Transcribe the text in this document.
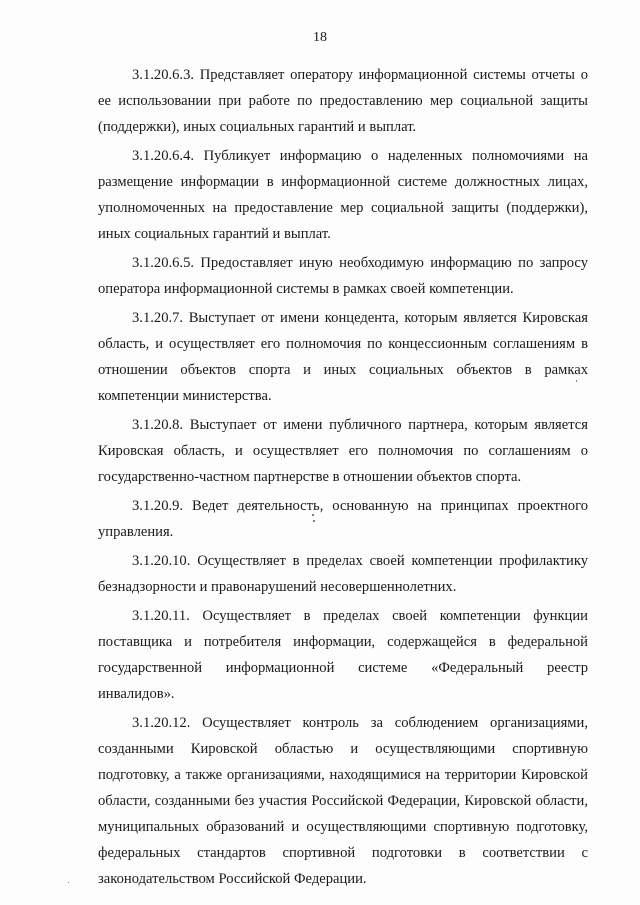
18

3.1.20.6.3. Представляет оператору информационной системы отчеты о ее использовании при работе по предоставлению мер социальной защиты (поддержки), иных социальных гарантий и выплат.

3.1.20.6.4. Публикует информацию о наделенных полномочиями на размещение информации в информационной системе должностных лицах, уполномоченных на предоставление мер социальной защиты (поддержки), иных социальных гарантий и выплат.

3.1.20.6.5. Предоставляет иную необходимую информацию по запросу оператора информационной системы в рамках своей компетенции.

3.1.20.7. Выступает от имени концедента, которым является Кировская область, и осуществляет его полномочия по концессионным соглашениям в отношении объектов спорта и иных социальных объектов в рамках компетенции министерства.

3.1.20.8. Выступает от имени публичного партнера, которым является Кировская область, и осуществляет его полномочия по соглашениям о государственно-частном партнерстве в отношении объектов спорта.

3.1.20.9. Ведет деятельность, основанную на принципах проектного управления.

3.1.20.10. Осуществляет в пределах своей компетенции профилактику безнадзорности и правонарушений несовершеннолетних.

3.1.20.11. Осуществляет в пределах своей компетенции функции поставщика и потребителя информации, содержащейся в федеральной государственной информационной системе «Федеральный реестр инвалидов».

3.1.20.12. Осуществляет контроль за соблюдением организациями, созданными Кировской областью и осуществляющими спортивную подготовку, а также организациями, находящимися на территории Кировской области, созданными без участия Российской Федерации, Кировской области, муниципальных образований и осуществляющими спортивную подготовку, федеральных стандартов спортивной подготовки в соответствии с законодательством Российской Федерации.
